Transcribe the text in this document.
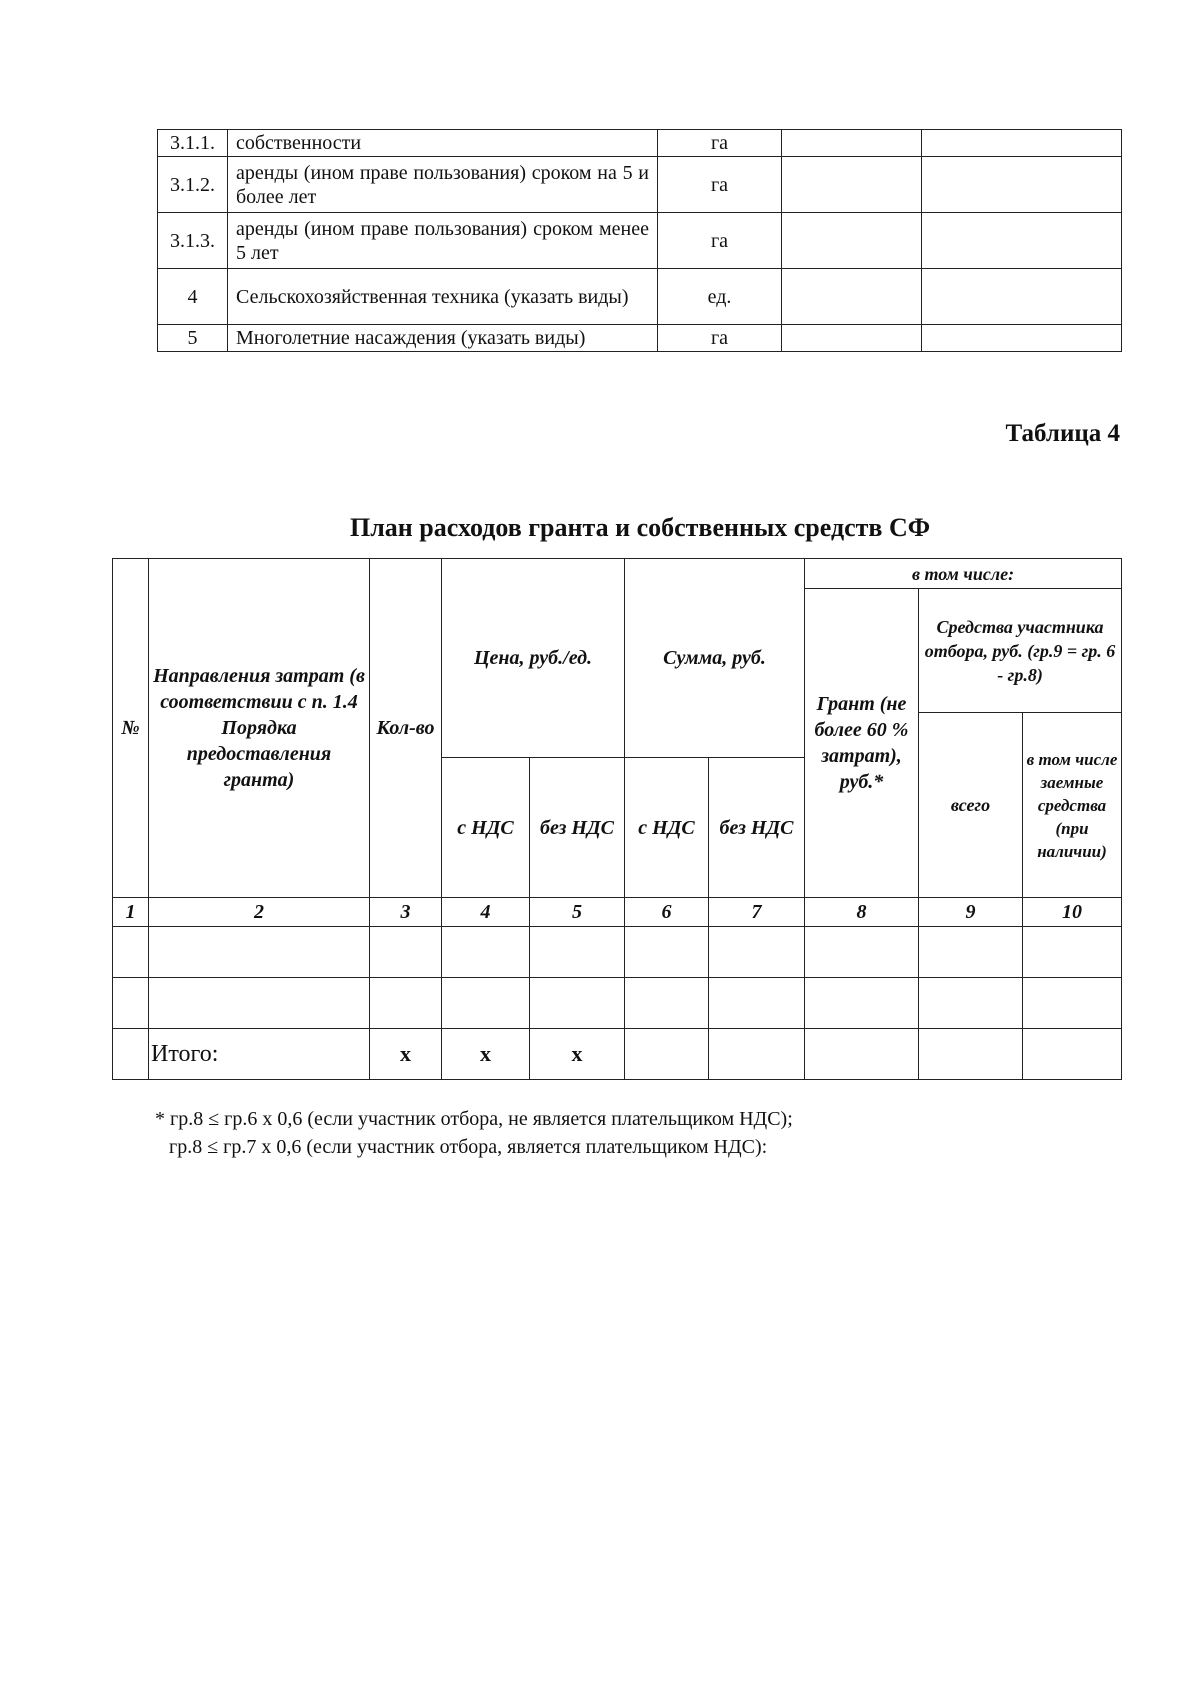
3.1.1.	собственности	га		
3.1.2.	аренды (ином праве пользования) сроком на 5 и более лет	га		
3.1.3.	аренды (ином праве пользования) сроком менее 5 лет	га		
4	Сельскохозяйственная техника (указать виды)	ед.		
5	Многолетние насаждения (указать виды)	га		
Таблица 4
План расходов гранта и собственных средств СФ
№	Направления затрат (в соответствии с п. 1.4 Порядка предоставления гранта)	Кол-во	Цена, руб./ед.		Сумма, руб.		в том числе:		
							Грант (не более 60 % затрат), руб.*	Средства участника отбора, руб. (гр.9 = гр. 6 - гр.8)	
								всего	в том числе заемные средства (при наличии)
			с НДС	без НДС	с НДС	без НДС			
1	2	3	4	5	6	7	8	9	10

	Итого:	x	x	x					
* гр.8 ≤ гр.6 х 0,6 (если участник отбора, не является плательщиком НДС);
гр.8 ≤ гр.7 х 0,6 (если участник отбора, является плательщиком НДС):
